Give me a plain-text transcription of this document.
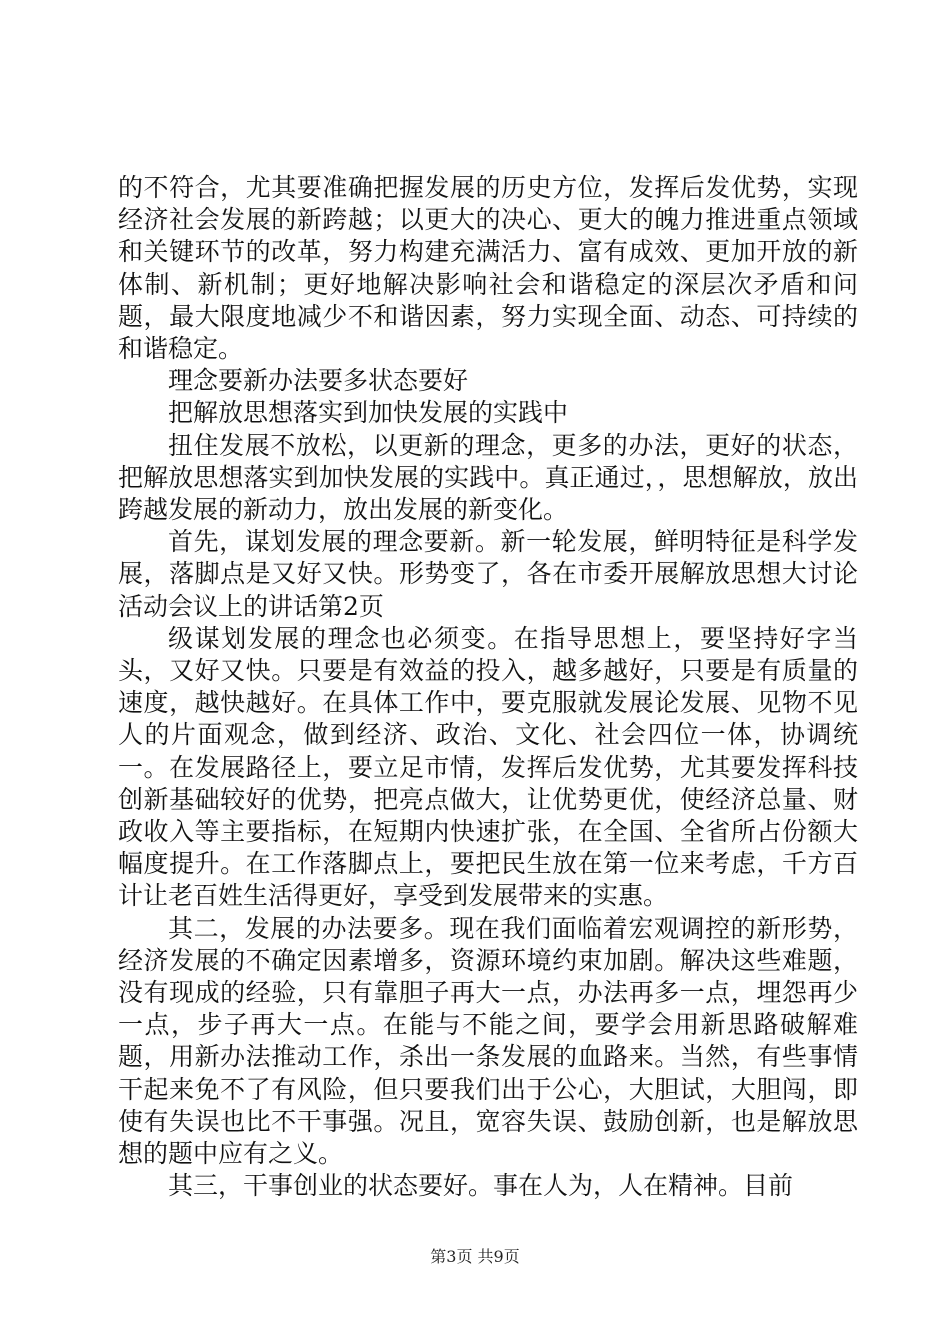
的不符合，尤其要准确把握发展的历史方位，发挥后发优势，实现经济社会发展的新跨越；以更大的决心、更大的魄力推进重点领域和关键环节的改革，努力构建充满活力、富有成效、更加开放的新体制、新机制；更好地解决影响社会和谐稳定的深层次矛盾和问题，最大限度地减少不和谐因素，努力实现全面、动态、可持续的和谐稳定。

理念要新办法要多状态要好

把解放思想落实到加快发展的实践中

扭住发展不放松，以更新的理念，更多的办法，更好的状态，把解放思想落实到加快发展的实践中。真正通过，，思想解放，放出跨越发展的新动力，放出发展的新变化。

首先，谋划发展的理念要新。新一轮发展，鲜明特征是科学发展，落脚点是又好又快。形势变了，各在市委开展解放思想大讨论活动会议上的讲话第2页

级谋划发展的理念也必须变。在指导思想上，要坚持好字当头，又好又快。只要是有效益的投入，越多越好，只要是有质量的速度，越快越好。在具体工作中，要克服就发展论发展、见物不见人的片面观念，做到经济、政治、文化、社会四位一体，协调统一。在发展路径上，要立足市情，发挥后发优势，尤其要发挥科技创新基础较好的优势，把亮点做大，让优势更优，使经济总量、财政收入等主要指标，在短期内快速扩张，在全国、全省所占份额大幅度提升。在工作落脚点上，要把民生放在第一位来考虑，千方百计让老百姓生活得更好，享受到发展带来的实惠。

其二，发展的办法要多。现在我们面临着宏观调控的新形势，经济发展的不确定因素增多，资源环境约束加剧。解决这些难题，没有现成的经验，只有靠胆子再大一点，办法再多一点，埋怨再少一点，步子再大一点。在能与不能之间，要学会用新思路破解难题，用新办法推动工作，杀出一条发展的血路来。当然，有些事情干起来免不了有风险，但只要我们出于公心，大胆试，大胆闯，即使有失误也比不干事强。况且，宽容失误、鼓励创新，也是解放思想的题中应有之义。

其三，干事创业的状态要好。事在人为，人在精神。目前

第3页 共9页
